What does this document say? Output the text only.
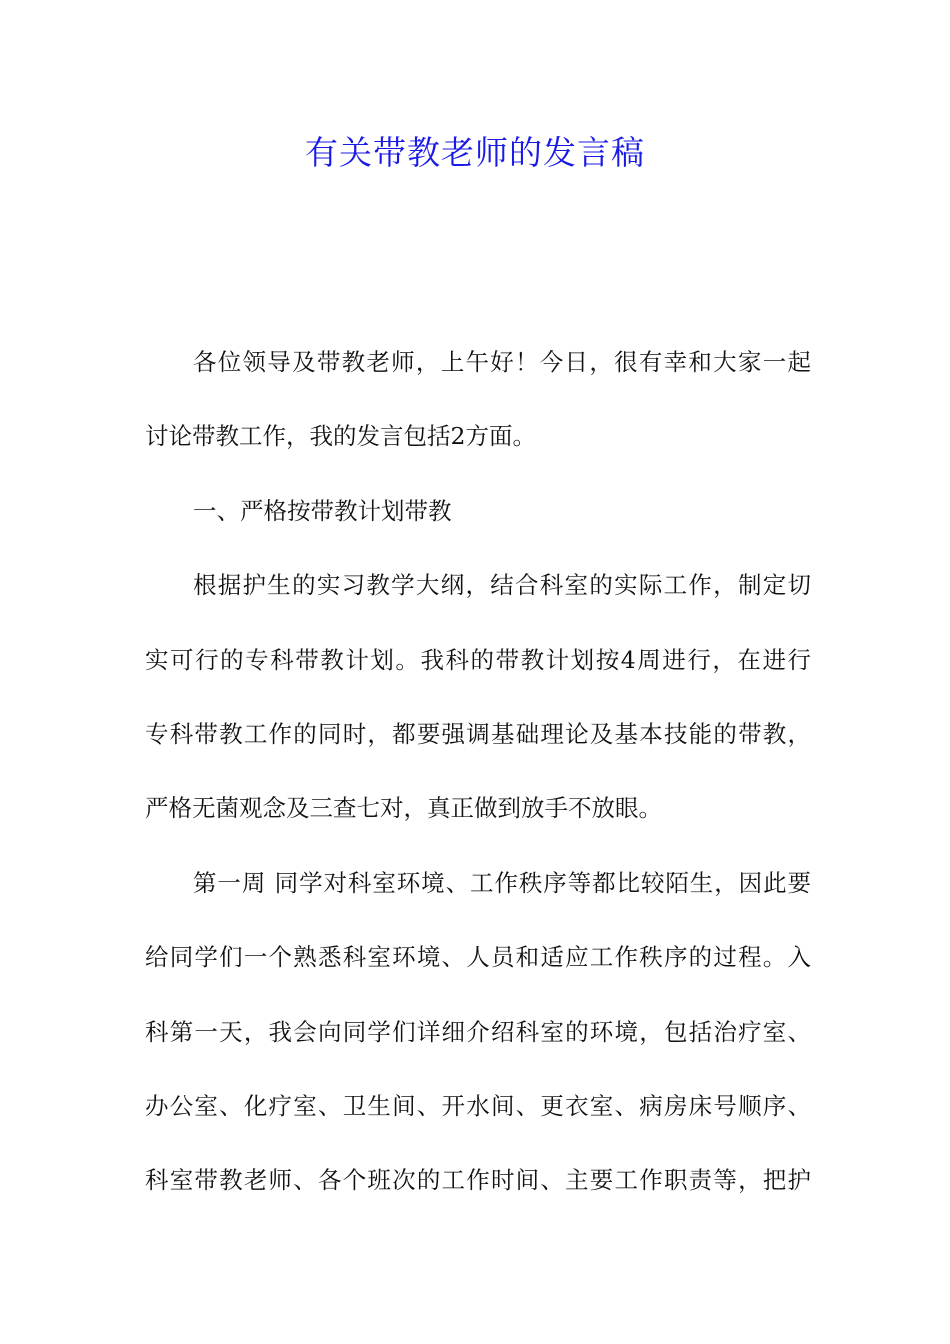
有关带教老师的发言稿
各位领导及带教老师，上午好！今日，很有幸和大家一起
讨论带教工作，我的发言包括2方面。
一、严格按带教计划带教
根据护生的实习教学大纲，结合科室的实际工作，制定切
实可行的专科带教计划。我科的带教计划按4周进行，在进行
专科带教工作的同时，都要强调基础理论及基本技能的带教，
严格无菌观念及三查七对，真正做到放手不放眼。
第一周 同学对科室环境、工作秩序等都比较陌生，因此要
给同学们一个熟悉科室环境、人员和适应工作秩序的过程。入
科第一天，我会向同学们详细介绍科室的环境，包括治疗室、
办公室、化疗室、卫生间、开水间、更衣室、病房床号顺序、
科室带教老师、各个班次的工作时间、主要工作职责等，把护
